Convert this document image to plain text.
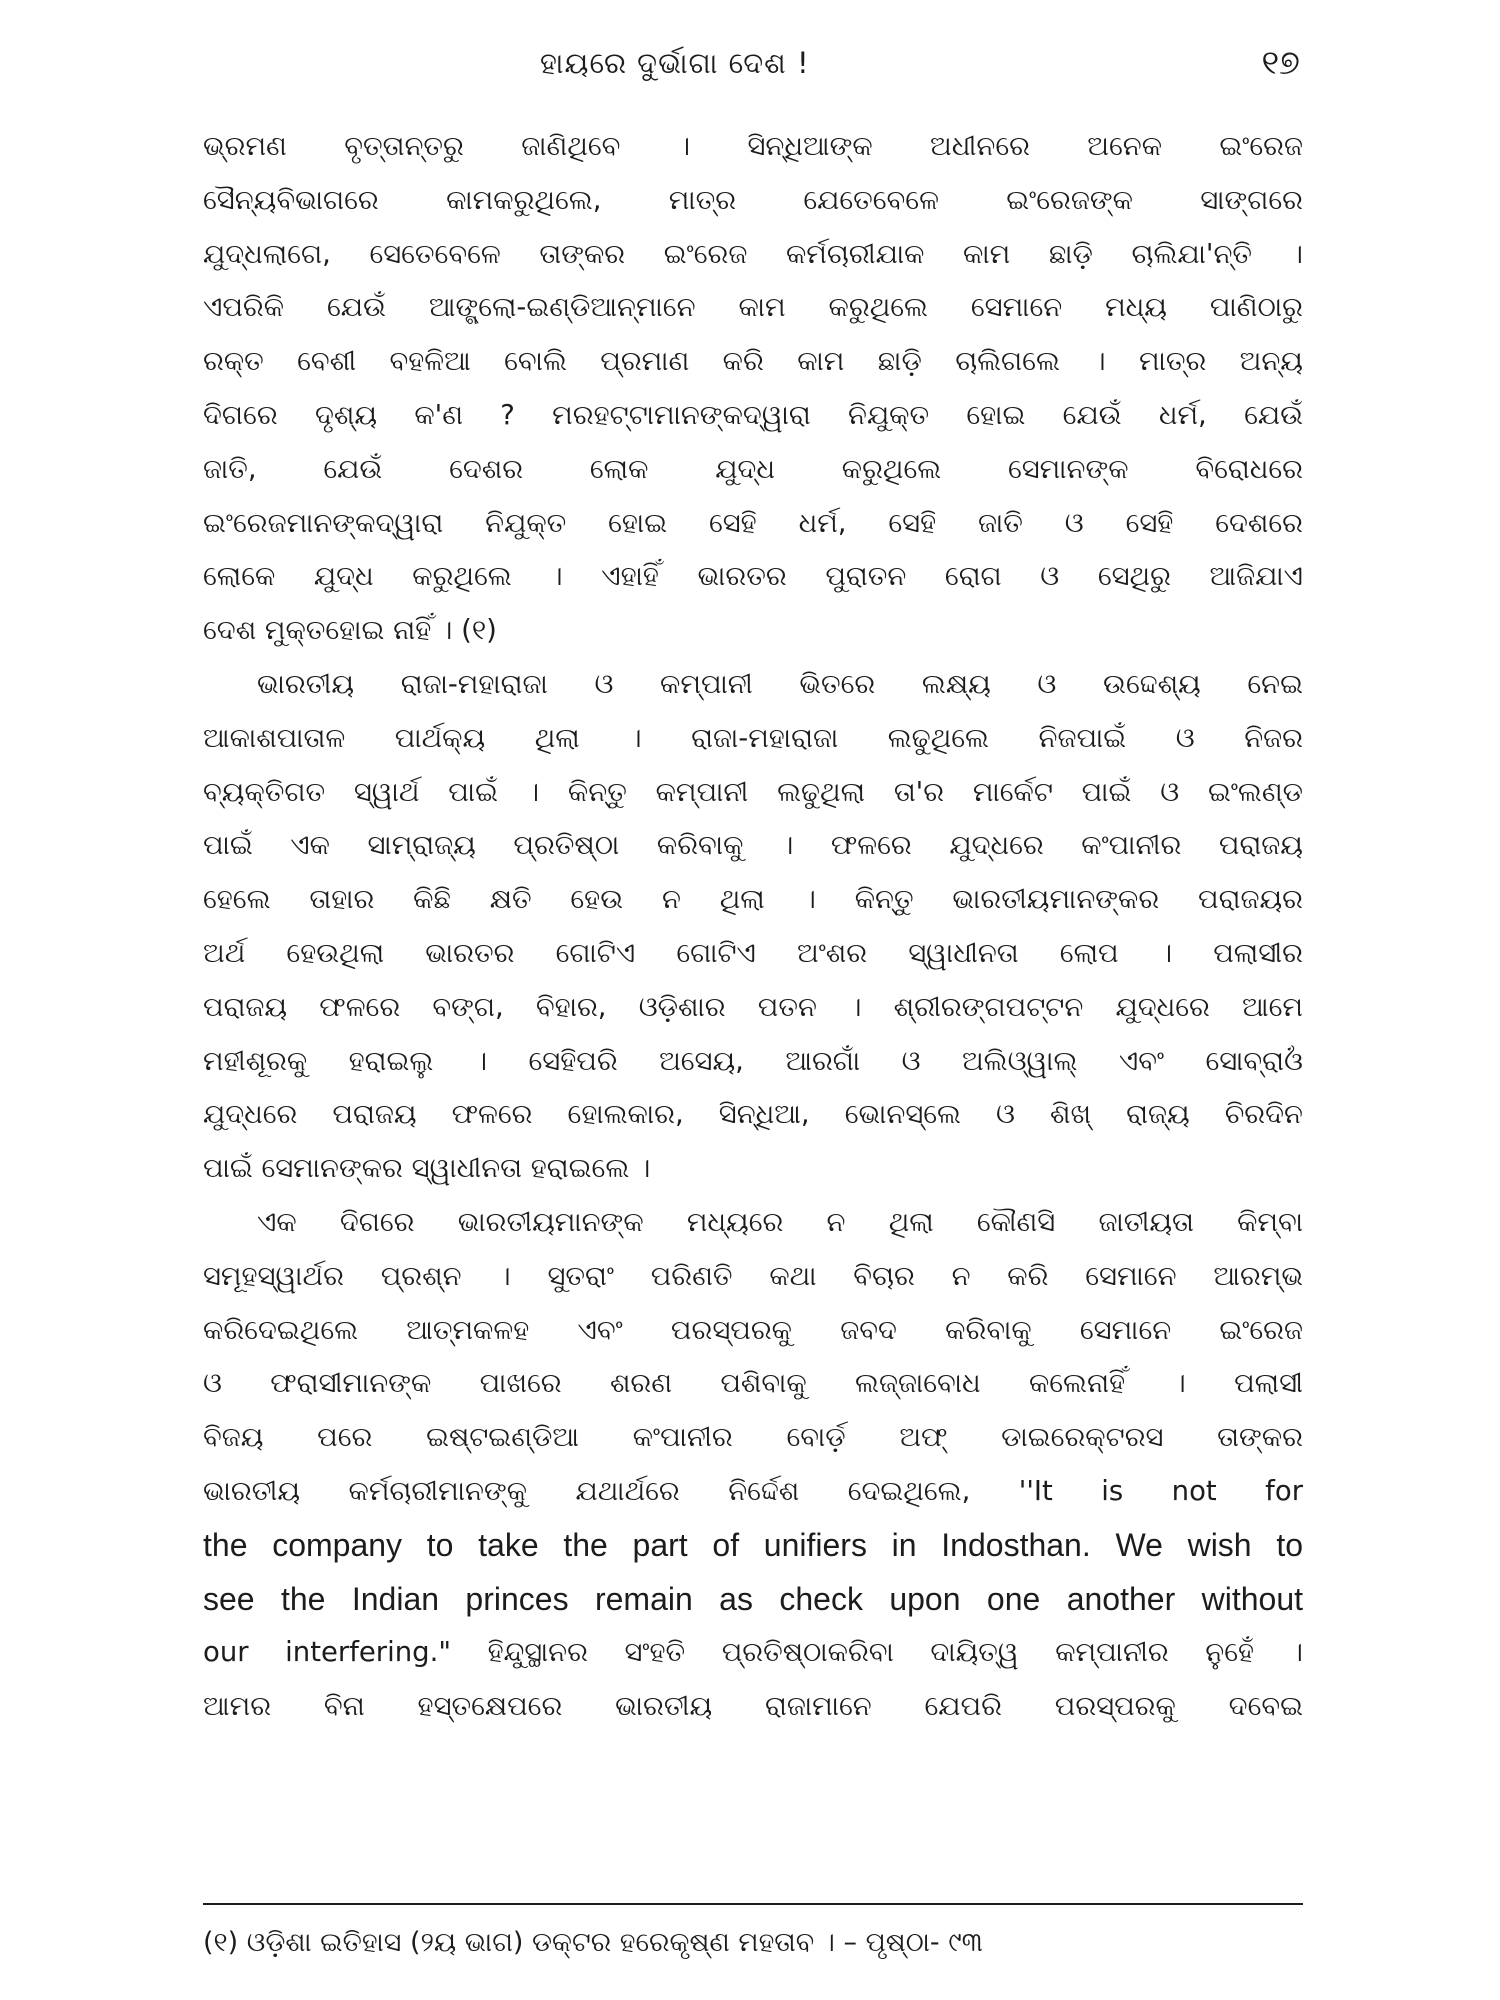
ହାୟରେ ଦୁର୍ଭାଗା ଦେଶ !	୧୭
ଭ୍ରମଣ ବୃତ୍ତାନ୍ତରୁ ଜାଣିଥିବେ । ସିନ୍ଧିଆଙ୍କ ଅଧୀନରେ ଅନେକ ଇଂରେଜ
ସୈନ୍ୟବିଭାଗରେ କାମକରୁଥିଲେ, ମାତ୍ର ଯେତେବେଳେ ଇଂରେଜଙ୍କ ସାଙ୍ଗରେ
ଯୁଦ୍ଧଲାଗେ, ସେତେବେଳେ ତାଙ୍କର ଇଂରେଜ କର୍ମଚାରୀଯାକ କାମ ଛାଡ଼ି ଚାଲିଯା'ନ୍ତି ।
ଏପରିକି ଯେଉଁ ଆଙ୍ଗ୍ଲୋ-ଇଣ୍ଡିଆନ୍‌ମାନେ କାମ କରୁଥିଲେ ସେମାନେ ମଧ୍ୟ ପାଣିଠାରୁ
ରକ୍ତ ବେଶୀ ବହଳିଆ ବୋଲି ପ୍ରମାଣ କରି କାମ ଛାଡ଼ି ଚାଲିଗଲେ । ମାତ୍ର ଅନ୍ୟ
ଦିଗରେ ଦୃଶ୍ୟ କ'ଣ ? ମରହଟ୍ଟାମାନଙ୍କଦ୍ୱାରା ନିଯୁକ୍ତ ହୋଇ ଯେଉଁ ଧର୍ମ, ଯେଉଁ
ଜାତି, ଯେଉଁ ଦେଶର ଲୋକ ଯୁଦ୍ଧ କରୁଥିଲେ ସେମାନଙ୍କ ବିରୋଧରେ
ଇଂରେଜମାନଙ୍କଦ୍ୱାରା ନିଯୁକ୍ତ ହୋଇ ସେହି ଧର୍ମ, ସେହି ଜାତି ଓ ସେହି ଦେଶରେ
ଲୋକେ ଯୁଦ୍ଧ କରୁଥିଲେ । ଏହାହିଁ ଭାରତର ପୁରାତନ ରୋଗ ଓ ସେଥିରୁ ଆଜିଯାଏ
ଦେଶ ମୁକ୍ତହୋଇ ନାହିଁ । (୧)
ଭାରତୀୟ ରାଜା-ମହାରାଜା ଓ କମ୍ପାନୀ ଭିତରେ ଲକ୍ଷ୍ୟ ଓ ଉଦ୍ଦେଶ୍ୟ ନେଇ
ଆକାଶପାତାଳ ପାର୍ଥକ୍ୟ ଥିଲା । ରାଜା-ମହାରାଜା ଲଢୁଥିଲେ ନିଜପାଇଁ ଓ ନିଜର
ବ୍ୟକ୍ତିଗତ ସ୍ୱାର୍ଥ ପାଇଁ । କିନ୍ତୁ କମ୍ପାନୀ ଲଢୁଥିଲା ତା'ର ମାର୍କେଟ ପାଇଁ ଓ ଇଂଲଣ୍ଡ
ପାଇଁ ଏକ ସାମ୍ରାଜ୍ୟ ପ୍ରତିଷ୍ଠା କରିବାକୁ । ଫଳରେ ଯୁଦ୍ଧରେ କଂପାନୀର ପରାଜୟ
ହେଲେ ତାହାର କିଛି କ୍ଷତି ହେଉ ନ ଥିଲା । କିନ୍ତୁ ଭାରତୀୟମାନଙ୍କର ପରାଜୟର
ଅର୍ଥ ହେଉଥିଲା ଭାରତର ଗୋଟିଏ ଗୋଟିଏ ଅଂଶର ସ୍ୱାଧୀନତା ଲୋପ । ପଲାସୀର
ପରାଜୟ ଫଳରେ ବଙ୍ଗ, ବିହାର, ଓଡ଼ିଶାର ପତନ । ଶ୍ରୀରଙ୍ଗପଟ୍ଟନ ଯୁଦ୍ଧରେ ଆମେ
ମହୀଶୂରକୁ ହରାଇଲୁ । ସେହିପରି ଅସେୟ, ଆରଗାଁ ଓ ଅଲିଓ୍ୱାଲ୍ ଏବଂ ସୋବ୍ରାଓଁ
ଯୁଦ୍ଧରେ ପରାଜୟ ଫଳରେ ହୋଲକାର, ସିନ୍ଧିଆ, ଭୋନସ୍‌ଲେ ଓ ଶିଖ୍ ରାଜ୍ୟ ଚିରଦିନ
ପାଇଁ ସେମାନଙ୍କର ସ୍ୱାଧୀନତା ହରାଇଲେ ।
ଏକ ଦିଗରେ ଭାରତୀୟମାନଙ୍କ ମଧ୍ୟରେ ନ ଥିଲା କୌଣସି ଜାତୀୟତା କିମ୍ବା
ସମୂହସ୍ୱାର୍ଥର ପ୍ରଶ୍ନ । ସୁତରାଂ ପରିଣତି କଥା ବିଚାର ନ କରି ସେମାନେ ଆରମ୍ଭ
କରିଦେଇଥିଲେ ଆତ୍ମକଳହ ଏବଂ ପରସ୍ପରକୁ ଜବଦ କରିବାକୁ ସେମାନେ ଇଂରେଜ
ଓ ଫରାସୀମାନଙ୍କ ପାଖରେ ଶରଣ ପଶିବାକୁ ଲଜ୍ଜାବୋଧ କଲେନାହିଁ । ପଲାସୀ
ବିଜୟ ପରେ ଇଷ୍ଟଇଣ୍ଡିଆ କଂପାନୀର ବୋର୍ଡ଼ ଅଫ୍ ଡାଇରେକ୍ଟରସ ତାଙ୍କର
ଭାରତୀୟ କର୍ମଚାରୀମାନଙ୍କୁ ଯଥାର୍ଥରେ ନିର୍ଦ୍ଦେଶ ଦେଇଥିଲେ, ''It is not for
the company to take the part of unifiers in Indosthan. We wish to
see the Indian princes remain as check upon one another without
our interfering." ହିନ୍ଦୁସ୍ଥାନର ସଂହତି ପ୍ରତିଷ୍ଠାକରିବା ଦାୟିତ୍ୱ କମ୍ପାନୀର ନୁହେଁ ।
ଆମର ବିନା ହସ୍ତକ୍ଷେପରେ ଭାରତୀୟ ରାଜାମାନେ ଯେପରି ପରସ୍ପରକୁ ଦବେଇ
(୧) ଓଡ଼ିଶା ଇତିହାସ (୨ୟ ଭାଗ) ଡକ୍ଟର ହରେକୃଷ୍ଣ ମହତାବ । – ପୃଷ୍ଠା- ୯୩
